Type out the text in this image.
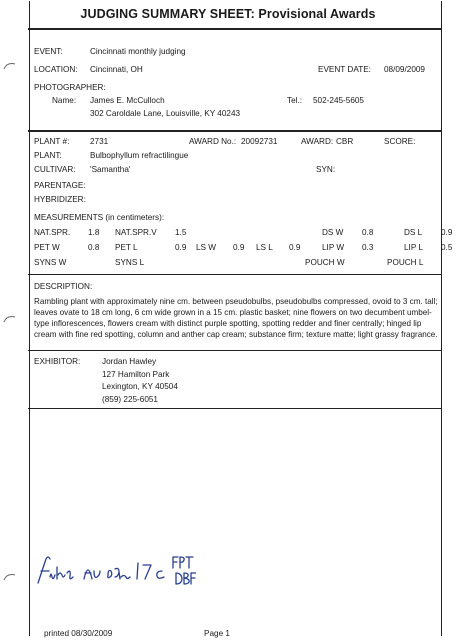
JUDGING SUMMARY SHEET: Provisional Awards
EVENT:	Cincinnati monthly judging
LOCATION: Cincinnati, OH	EVENT DATE: 08/09/2009
PHOTOGRAPHER:
Name: James E. McCulloch	Tel.: 502-245-5605
302 Caroldale Lane, Louisville, KY 40243
PLANT #:	2731	AWARD No.: 20092731	AWARD: CBR	SCORE:
PLANT:	Bulbophyllum refractilingue
CULTIVAR: 'Samantha'	SYN:
PARENTAGE:
HYBRIDIZER:
MEASUREMENTS (in centimeters):
NAT.SPR. 1.8 NAT.SPR.V 1.5	DS W 0.8	DS L 0.9
PET W	0.8 PET L	0.9 LS W 0.9 LS L 0.9	LIP W 0.3	LIP L 0.5
SYNS W	SYNS L	POUCH W	POUCH L
DESCRIPTION:
Rambling plant with approximately nine cm. between pseudobulbs, pseudobulbs compressed, ovoid to 3 cm. tall; leaves ovate to 18 cm long, 6 cm wide grown in a 15 cm. plastic basket; nine flowers on two decumbent umbel-type inflorescences, flowers cream with distinct purple spotting, spotting redder and finer centrally; hinged lip cream with fine red spotting, column and anther cap cream; substance firm; texture matte; light grassy fragrance.
EXHIBITOR:	Jordan Hawley
127 Hamilton Park
Lexington, KY 40504
(859) 225-6051
printed 08/30/2009	Page 1
